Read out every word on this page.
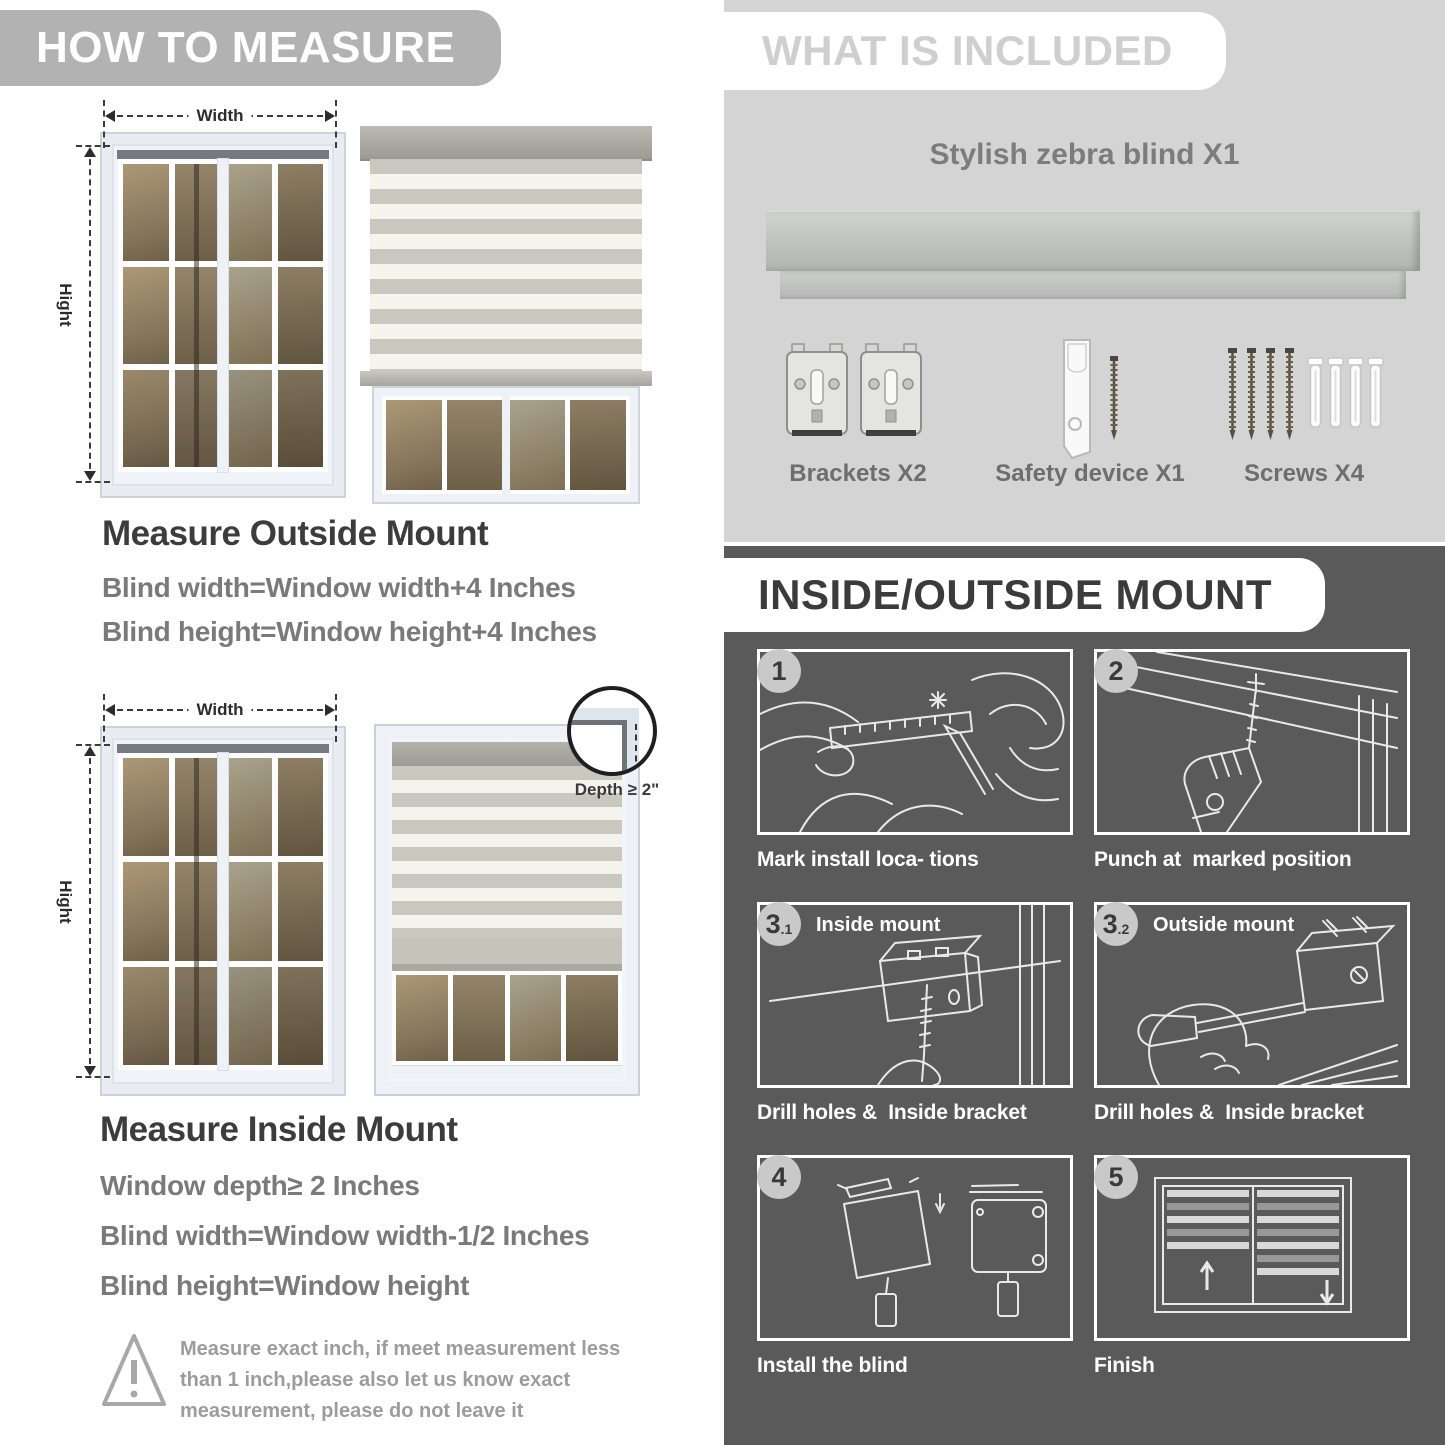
HOW TO MEASURE
Width
Hight
Measure Outside Mount
Blind width=Window width+4 Inches
Blind height=Window height+4 Inches
Width
Hight
Depth ≥ 2"
Measure Inside Mount
Window depth≥ 2 Inches
Blind width=Window width-1/2 Inches
Blind height=Window height
Measure exact inch, if meet measurement less
than 1 inch,please also let us know exact
measurement, please do not leave it
WHAT IS INCLUDED
Stylish zebra blind X1
Brackets X2	Safety device X1	Screws X4
INSIDE/OUTSIDE MOUNT
1
Mark install loca- tions
2
Punch at  marked position
3 .1 Inside mount
Drill holes &  Inside bracket
3 .2 Outside mount
Drill holes &  Inside bracket
4
Install the blind
5
Finish
